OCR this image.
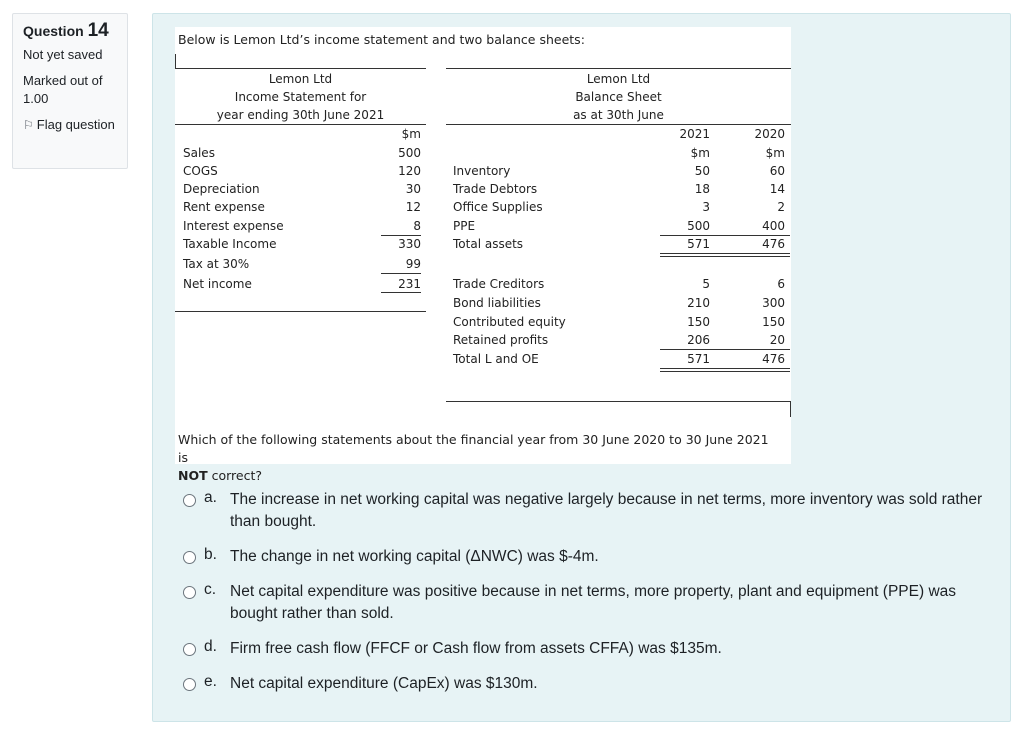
Question 14
Not yet saved
Marked out of 1.00
⚐ Flag question
Below is Lemon Ltd’s income statement and two balance sheets:
Lemon Ltd
Income Statement for
year ending 30th June 2021
$m
Sales	500
COGS	120
Depreciation	30
Rent expense	12
Interest expense	8
Taxable Income	330
Tax at 30%	99
Net income	231
Lemon Ltd
Balance Sheet
as at 30th June
2021	2020
$m	$m
Inventory	50	60
Trade Debtors	18	14
Office Supplies	3	2
PPE	500	400
Total assets	571	476
Trade Creditors	5	6
Bond liabilities	210	300
Contributed equity	150	150
Retained profits	206	20
Total L and OE	571	476
Which of the following statements about the financial year from 30 June 2020 to 30 June 2021 is
NOT correct?
a. The increase in net working capital was negative largely because in net terms, more inventory was sold rather than bought.
b. The change in net working capital (ΔNWC) was $-4m.
c. Net capital expenditure was positive because in net terms, more property, plant and equipment (PPE) was bought rather than sold.
d. Firm free cash flow (FFCF or Cash flow from assets CFFA) was $135m.
e. Net capital expenditure (CapEx) was $130m.
